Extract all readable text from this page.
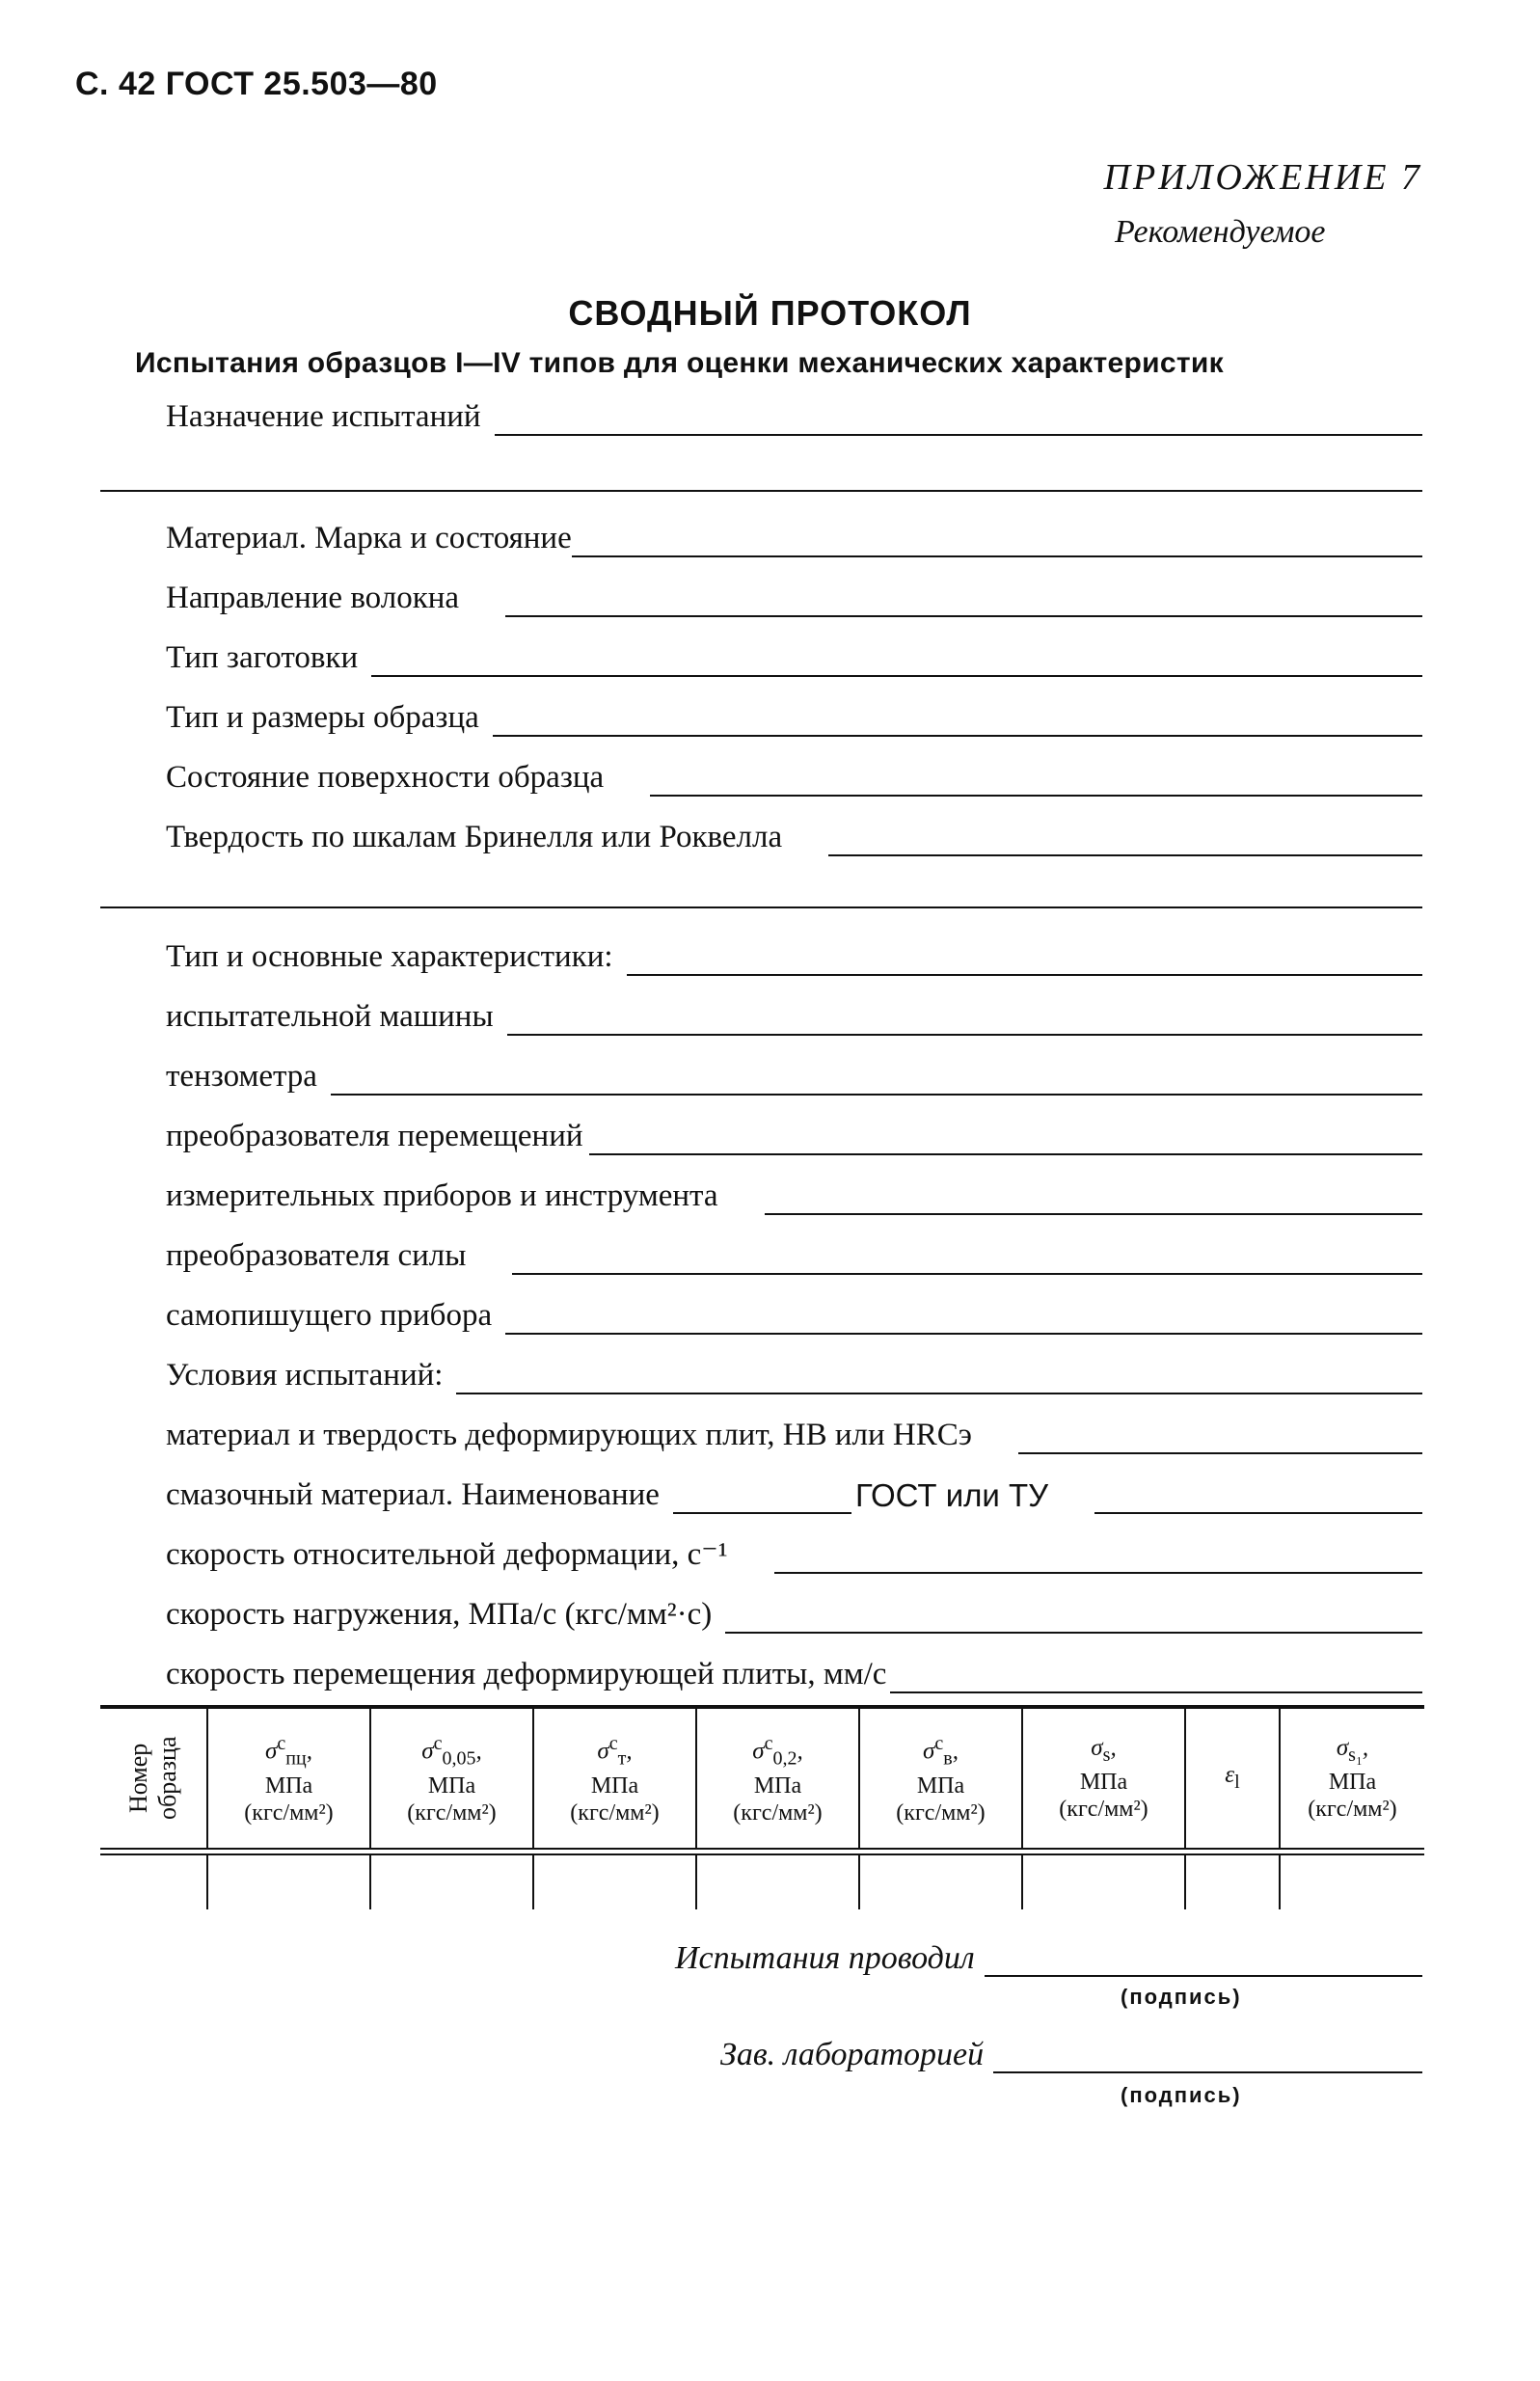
С. 42 ГОСТ 25.503—80
ПРИЛОЖЕНИЕ 7
Рекомендуемое
СВОДНЫЙ ПРОТОКОЛ
Испытания образцов I—IV типов для оценки механических характеристик
Назначение испытаний
Материал. Марка и состояние
Направление волокна
Тип заготовки
Тип и размеры образца
Состояние поверхности образца
Твердость по шкалам Бринелля или Роквелла
Тип и основные характеристики:
испытательной машины
тензометра
преобразователя перемещений
измерительных приборов и инструмента
преобразователя силы
самопишущего прибора
Условия испытаний:
материал и твердость деформирующих плит, НВ или HRCэ
смазочный материал. Наименование	ГОСТ или ТУ
скорость относительной деформации, с⁻¹
скорость нагружения, МПа/с (кгс/мм²·с)
скорость перемещения деформирующей плиты, мм/с
Номер образца	$\sigma^с_{пц}$,
МПа
(кгс/мм²)
$\sigma^с_{0,05}$,
МПа
(кгс/мм²)
$\sigma^с_т$,
МПа
(кгс/мм²)
$\sigma^с_{0,2}$,
МПа
(кгс/мм²)
$\sigma^с_в$,
МПа
(кгс/мм²)
$\sigma_s$,
МПа
(кгс/мм²)
$\varepsilon_l$
$\sigma_{s_1}$,
МПа
(кгс/мм²)
Испытания проводил
(подпись)
Зав. лабораторией
(подпись)
